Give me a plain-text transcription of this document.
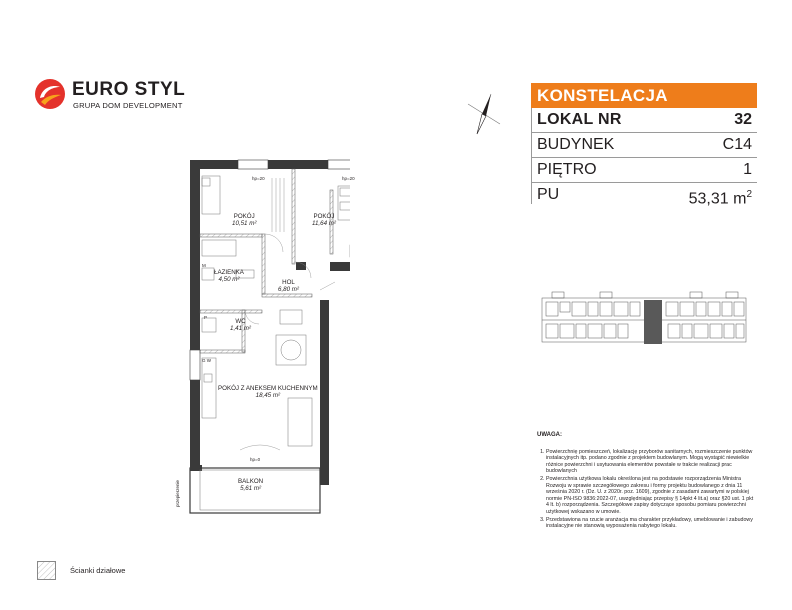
EURO STYL
GRUPA DOM DEVELOPMENT
KONSTELACJA
LOKAL NR	32
BUDYNEK	C14
PIĘTRO	1
PU	53,31 $m^2$
POKÓJ
10,51 m²
POKÓJ
11,64 m²
ŁAZIENKA
4,50 m²	HOL
6,80 m²
WC
1,41 m²
POKÓJ Z ANEKSEM KUCHENNYM
18,45 m²
BALKON
5,61 m²
hp=20	hp=20
hp=0
M
P
G W
przepierzenie
UWAGA:
1. Powierzchnię pomieszczeń, lokalizację przyborów sanitarnych, rozmieszczenie punktów instalacyjnych itp. podano zgodnie z projektem budowlanym. Mogą wystąpić niewielkie różnice powierzchni i usytuowania elementów powstałe w trakcie realizacji prac budowlanych
2. Powierzchnia użytkowa lokalu określona jest na podstawie rozporządzenia Ministra Rozwoju w sprawie szczegółowego zakresu i formy projektu budowlanego z dnia 11 września 2020 r. (Dz. U. z 2020r. poz. 1609), zgodnie z zasadami zawartymi w polskiej normie PN-ISO 9836:2022-07, uwzględniając przepisy § 14pkt 4 lit.a) oraz §20 ust. 1 pkt 4 lt. b) rozporządzenia. Szczegółowe zapisy dotyczące sposobu pomiaru powierzchni użytkowej wskazano w umowie.
3. Przedstawiona na rzucie aranżacja ma charakter przykładowy, umeblowanie i zabudowy instalacyjne nie stanowią wyposażenia nabytego lokalu.
Ścianki działowe
